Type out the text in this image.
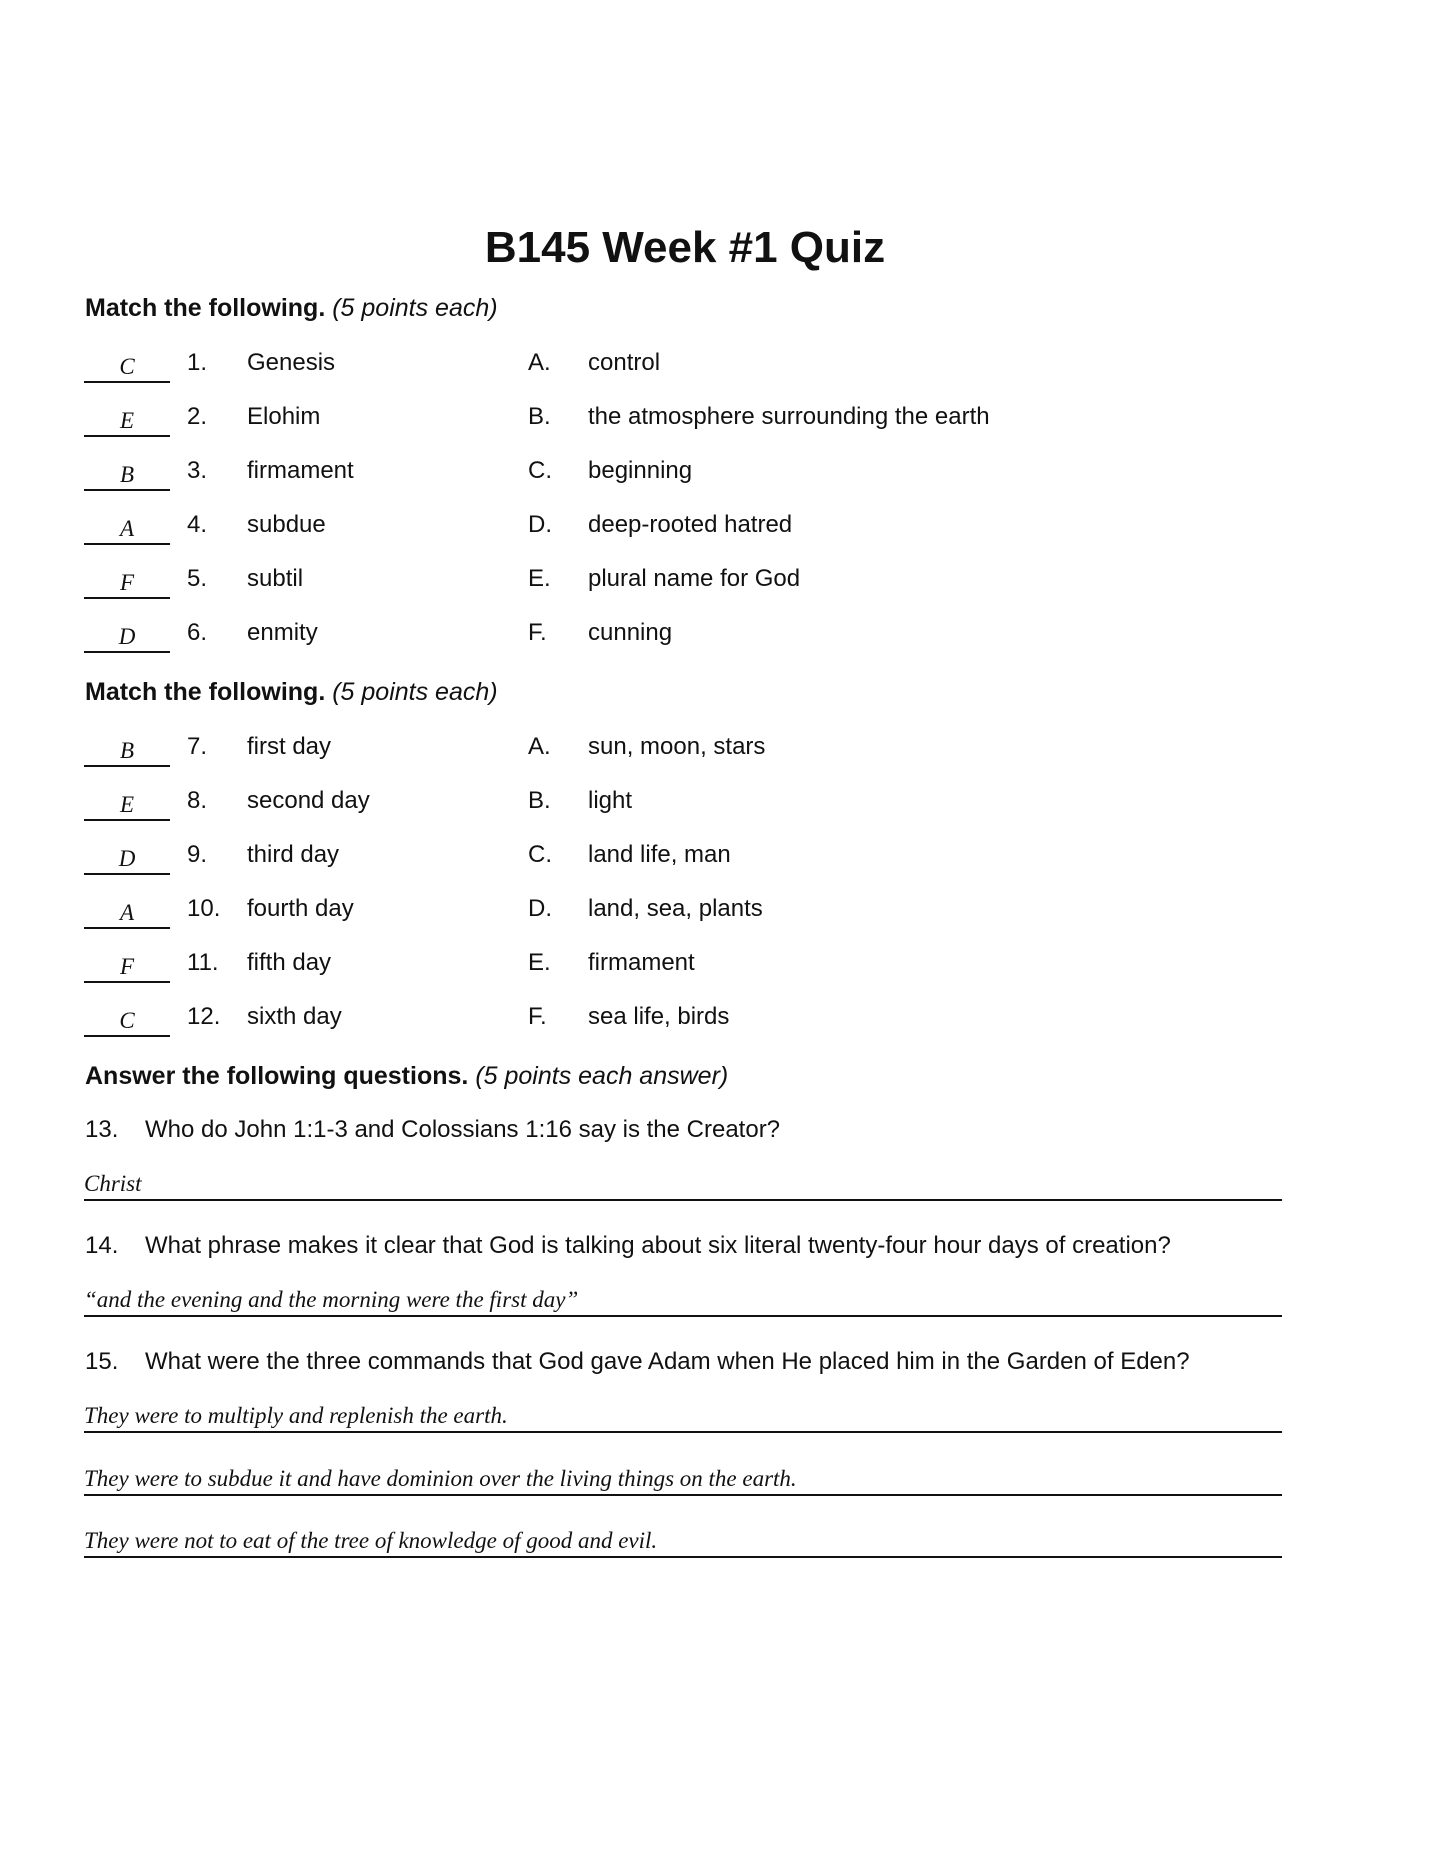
B145 Week #1 Quiz
Match the following. (5 points each)
C	1. Genesis	A. control
E	2. Elohim	B. the atmosphere surrounding the earth
B	3. firmament	C. beginning
A	4. subdue	D. deep-rooted hatred
F	5. subtil	E. plural name for God
D	6. enmity	F. cunning
Match the following. (5 points each)
B	7. first day	A. sun, moon, stars
E	8. second day	B. light
D	9. third day	C. land life, man
A	10. fourth day	D. land, sea, plants
F	11. fifth day	E. firmament
C	12. sixth day	F. sea life, birds
Answer the following questions. (5 points each answer)
13. Who do John 1:1-3 and Colossians 1:16 say is the Creator?
Christ
14. What phrase makes it clear that God is talking about six literal twenty-four hour days of creation?
“and the evening and the morning were the first day”
15. What were the three commands that God gave Adam when He placed him in the Garden of Eden?
They were to multiply and replenish the earth.
They were to subdue it and have dominion over the living things on the earth.
They were not to eat of the tree of knowledge of good and evil.
